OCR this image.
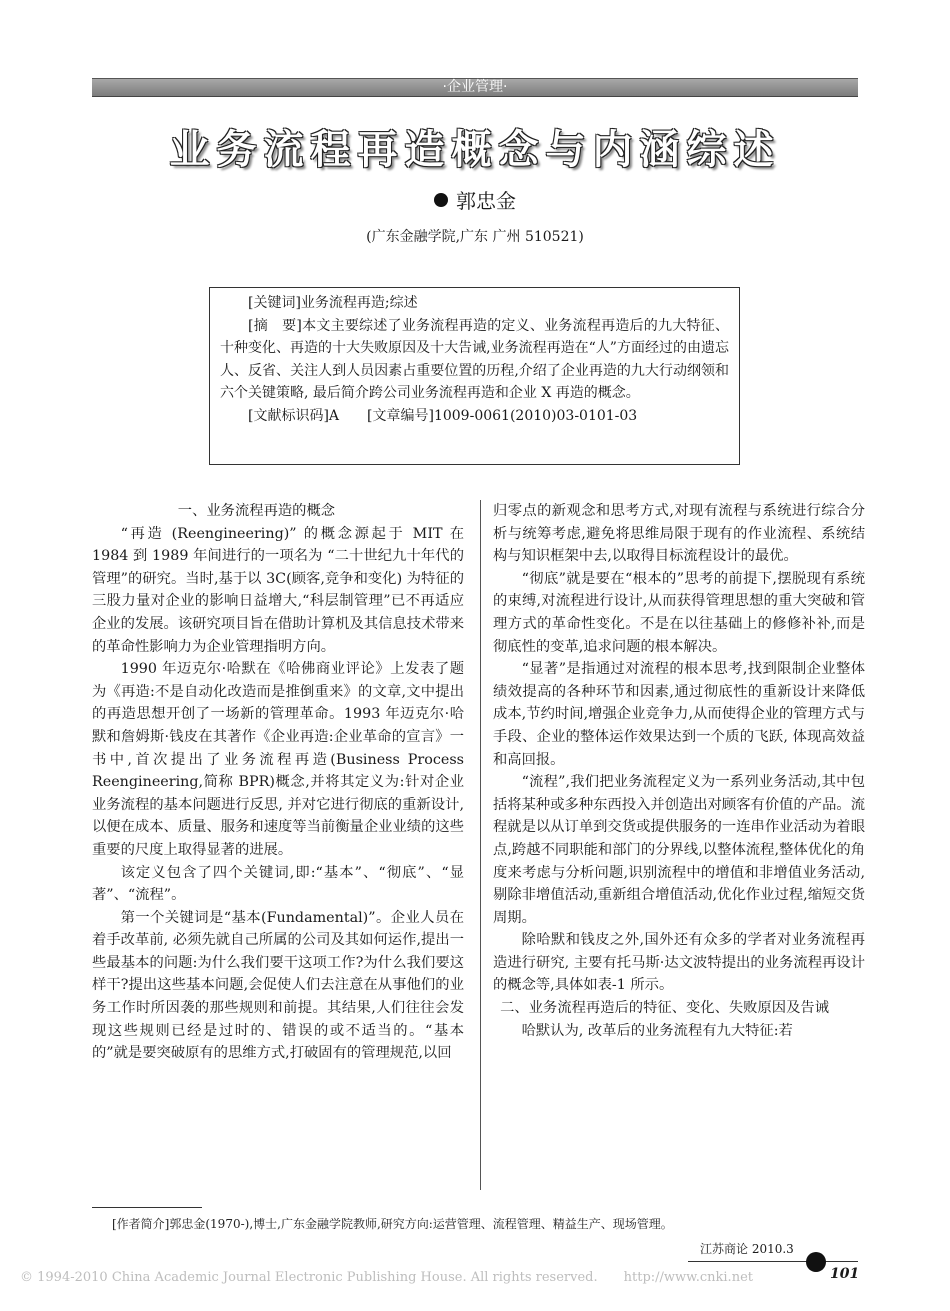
·企业管理·
业务流程再造概念与内涵综述
郭忠金
(广东金融学院,广东 广州 510521)

[关键词]业务流程再造;综述

[摘　要]本文主要综述了业务流程再造的定义、业务流程再造后的九大特征、十种变化、再造的十大失败原因及十大告诫,业务流程再造在“人”方面经过的由遗忘人、反省、关注人到人员因素占重要位置的历程,介绍了企业再造的九大行动纲领和六个关键策略, 最后简介跨公司业务流程再造和企业 X 再造的概念。

[文献标识码]A　　[文章编号]1009-0061(2010)03-0101-03

一、业务流程再造的概念

“再造 (Reengineering)” 的概念源起于 MIT 在 1984 到 1989 年间进行的一项名为 “二十世纪九十年代的管理”的研究。当时,基于以 3C(顾客,竞争和变化) 为特征的三股力量对企业的影响日益增大,“科层制管理”已不再适应企业的发展。该研究项目旨在借助计算机及其信息技术带来的革命性影响力为企业管理指明方向。

1990 年迈克尔·哈默在《哈佛商业评论》上发表了题为《再造:不是自动化改造而是推倒重来》的文章,文中提出的再造思想开创了一场新的管理革命。1993 年迈克尔·哈默和詹姆斯·钱皮在其著作《企业再造:企业革命的宣言》一书中,首次提出了业务流程再造(Business Process Reengineering,简称 BPR)概念,并将其定义为:针对企业业务流程的基本问题进行反思, 并对它进行彻底的重新设计, 以便在成本、质量、服务和速度等当前衡量企业业绩的这些重要的尺度上取得显著的进展。

该定义包含了四个关键词,即:“基本”、“彻底”、“显著”、“流程”。

第一个关键词是“基本(Fundamental)”。企业人员在着手改革前, 必须先就自己所属的公司及其如何运作,提出一些最基本的问题:为什么我们要干这项工作?为什么我们要这样干?提出这些基本问题,会促使人们去注意在从事他们的业务工作时所因袭的那些规则和前提。其结果,人们往往会发现这些规则已经是过时的、错误的或不适当的。“基本的”就是要突破原有的思维方式,打破固有的管理规范,以回

归零点的新观念和思考方式,对现有流程与系统进行综合分析与统筹考虑,避免将思维局限于现有的作业流程、系统结构与知识框架中去,以取得目标流程设计的最优。

“彻底”就是要在“根本的”思考的前提下,摆脱现有系统的束缚,对流程进行设计,从而获得管理思想的重大突破和管理方式的革命性变化。不是在以往基础上的修修补补,而是彻底性的变革,追求问题的根本解决。

“显著”是指通过对流程的根本思考,找到限制企业整体绩效提高的各种环节和因素,通过彻底性的重新设计来降低成本,节约时间,增强企业竞争力,从而使得企业的管理方式与手段、企业的整体运作效果达到一个质的飞跃, 体现高效益和高回报。

“流程”,我们把业务流程定义为一系列业务活动,其中包括将某种或多种东西投入并创造出对顾客有价值的产品。流程就是以从订单到交货或提供服务的一连串作业活动为着眼点,跨越不同职能和部门的分界线,以整体流程,整体优化的角度来考虑与分析问题,识别流程中的增值和非增值业务活动,剔除非增值活动,重新组合增值活动,优化作业过程,缩短交货周期。

除哈默和钱皮之外,国外还有众多的学者对业务流程再造进行研究, 主要有托马斯·达文波特提出的业务流程再设计的概念等,具体如表-1 所示。

二、业务流程再造后的特征、变化、失败原因及告诫

哈默认为, 改革后的业务流程有九大特征:若

[作者简介]郭忠金(1970-),博士,广东金融学院教师,研究方向:运营管理、流程管理、精益生产、现场管理。
江苏商论 2010.3
101
© 1994-2010 China Academic Journal Electronic Publishing House. All rights reserved.　　http://www.cnki.net
